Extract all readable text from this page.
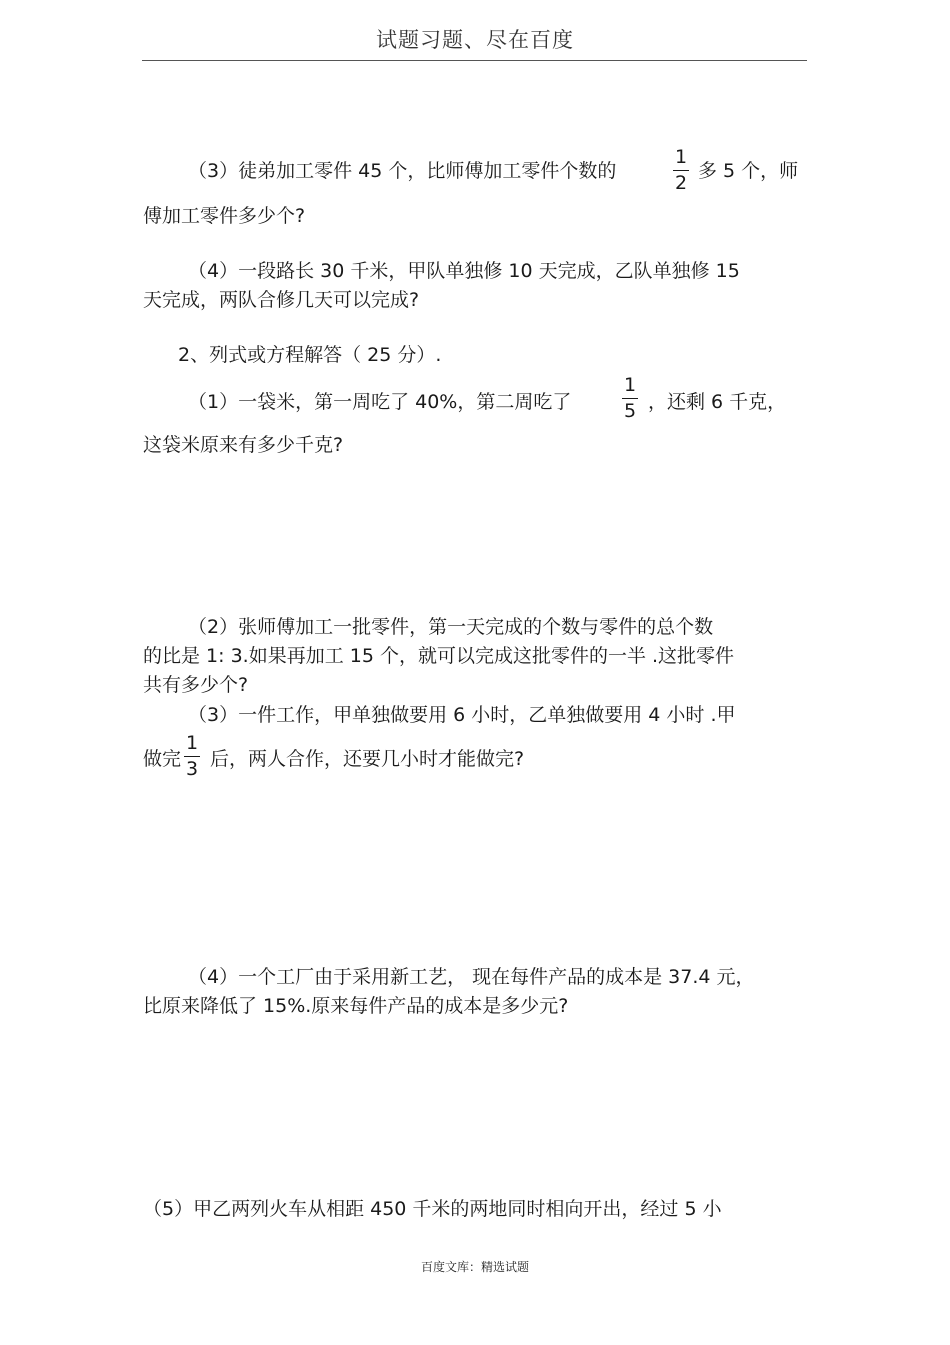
试题习题、尽在百度
（3）徒弟加工零件 45 个，比师傅加工零件个数的
1
2
多 5 个，师
傅加工零件多少个?
（4）一段路长 30 千米，甲队单独修 10 天完成，乙队单独修 15
天完成，两队合修几天可以完成?
2、列式或方程解答（ 25 分）.
（1）一袋米，第一周吃了 40%，第二周吃了
1
5 ，还剩 6 千克，
这袋米原来有多少千克?
（2）张师傅加工一批零件，第一天完成的个数与零件的总个数
的比是 1: 3.如果再加工 15 个，就可以完成这批零件的一半 .这批零件
共有多少个?
（3）一件工作，甲单独做要用 6 小时，乙单独做要用 4 小时 .甲
做完
1
3 后，两人合作，还要几小时才能做完?
（4）一个工厂由于采用新工艺， 现在每件产品的成本是 37.4 元，
比原来降低了 15%.原来每件产品的成本是多少元?
（5）甲乙两列火车从相距 450 千米的两地同时相向开出，经过 5 小
百度文库：精选试题
